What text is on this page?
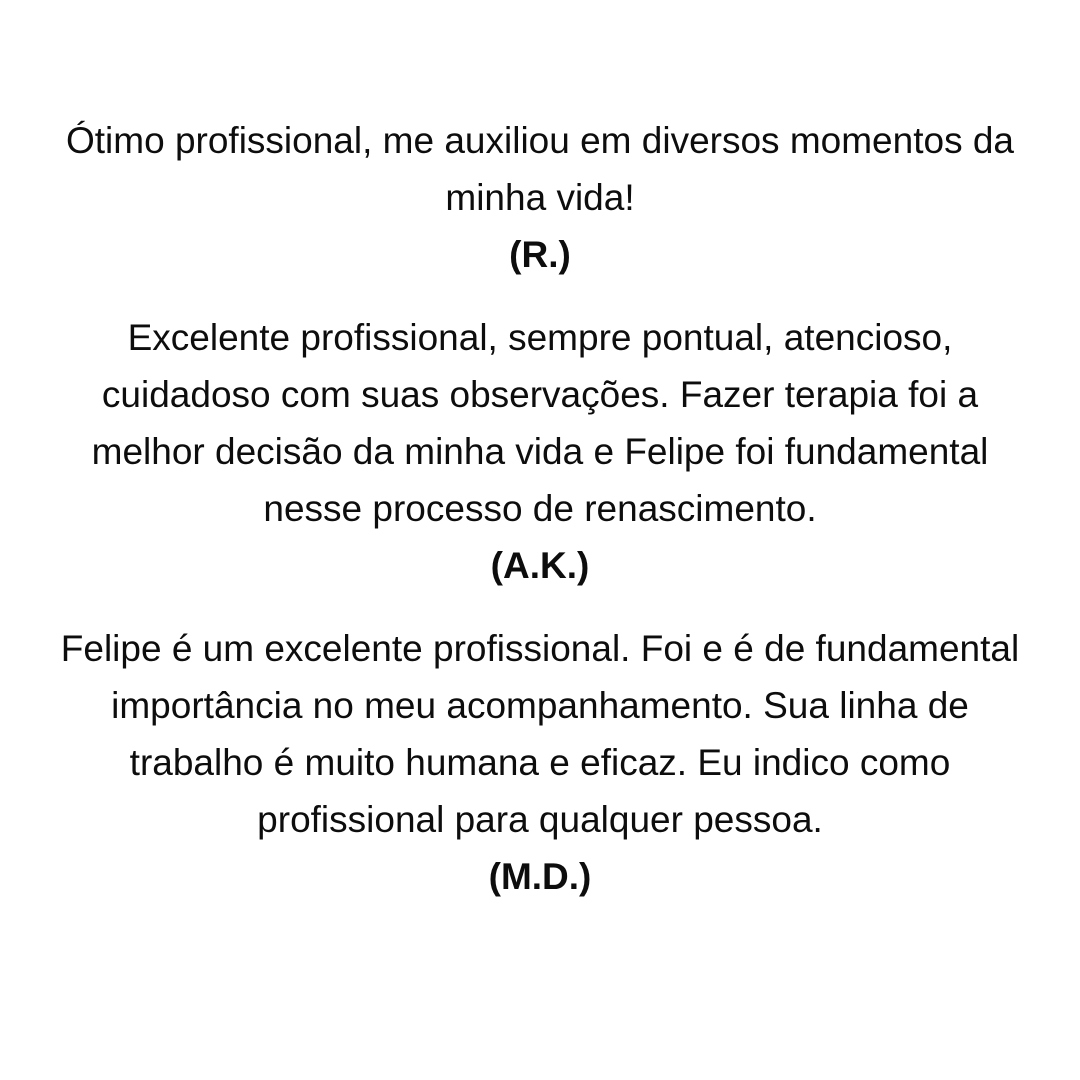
Ótimo profissional, me auxiliou em diversos momentos da minha vida!
(R.)
Excelente profissional, sempre pontual, atencioso, cuidadoso com suas observações. Fazer terapia foi a melhor decisão da minha vida e Felipe foi fundamental nesse processo de renascimento.
(A.K.)
Felipe é um excelente profissional. Foi e é de fundamental importância no meu acompanhamento. Sua linha de trabalho é muito humana e eficaz. Eu indico como profissional para qualquer pessoa.
(M.D.)
